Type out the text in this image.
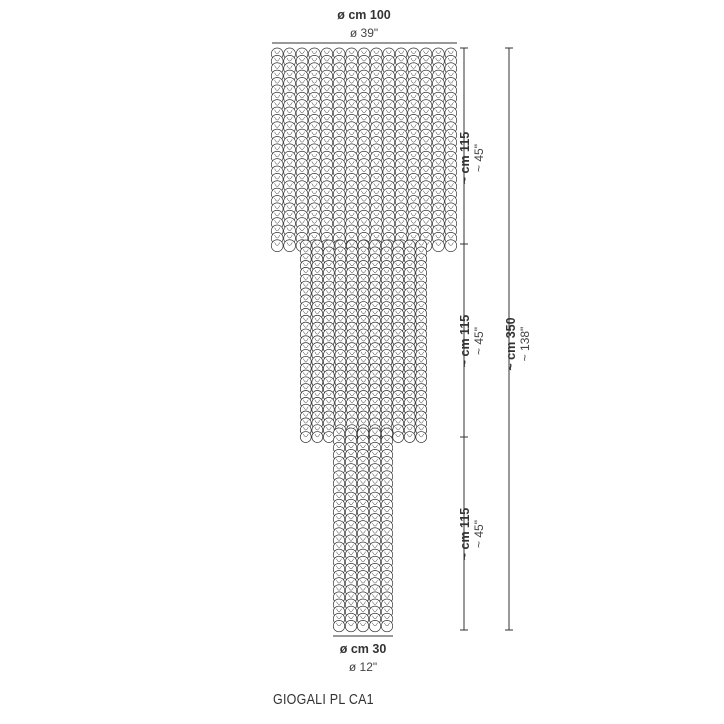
ø cm 100
ø 39"
ø cm 30
ø 12"
~ cm 115 ~ 45"
~ cm 115 ~ 45"
~ cm 115 ~ 45"
~ cm 350 ~ 138"
GIOGALI PL CA1
